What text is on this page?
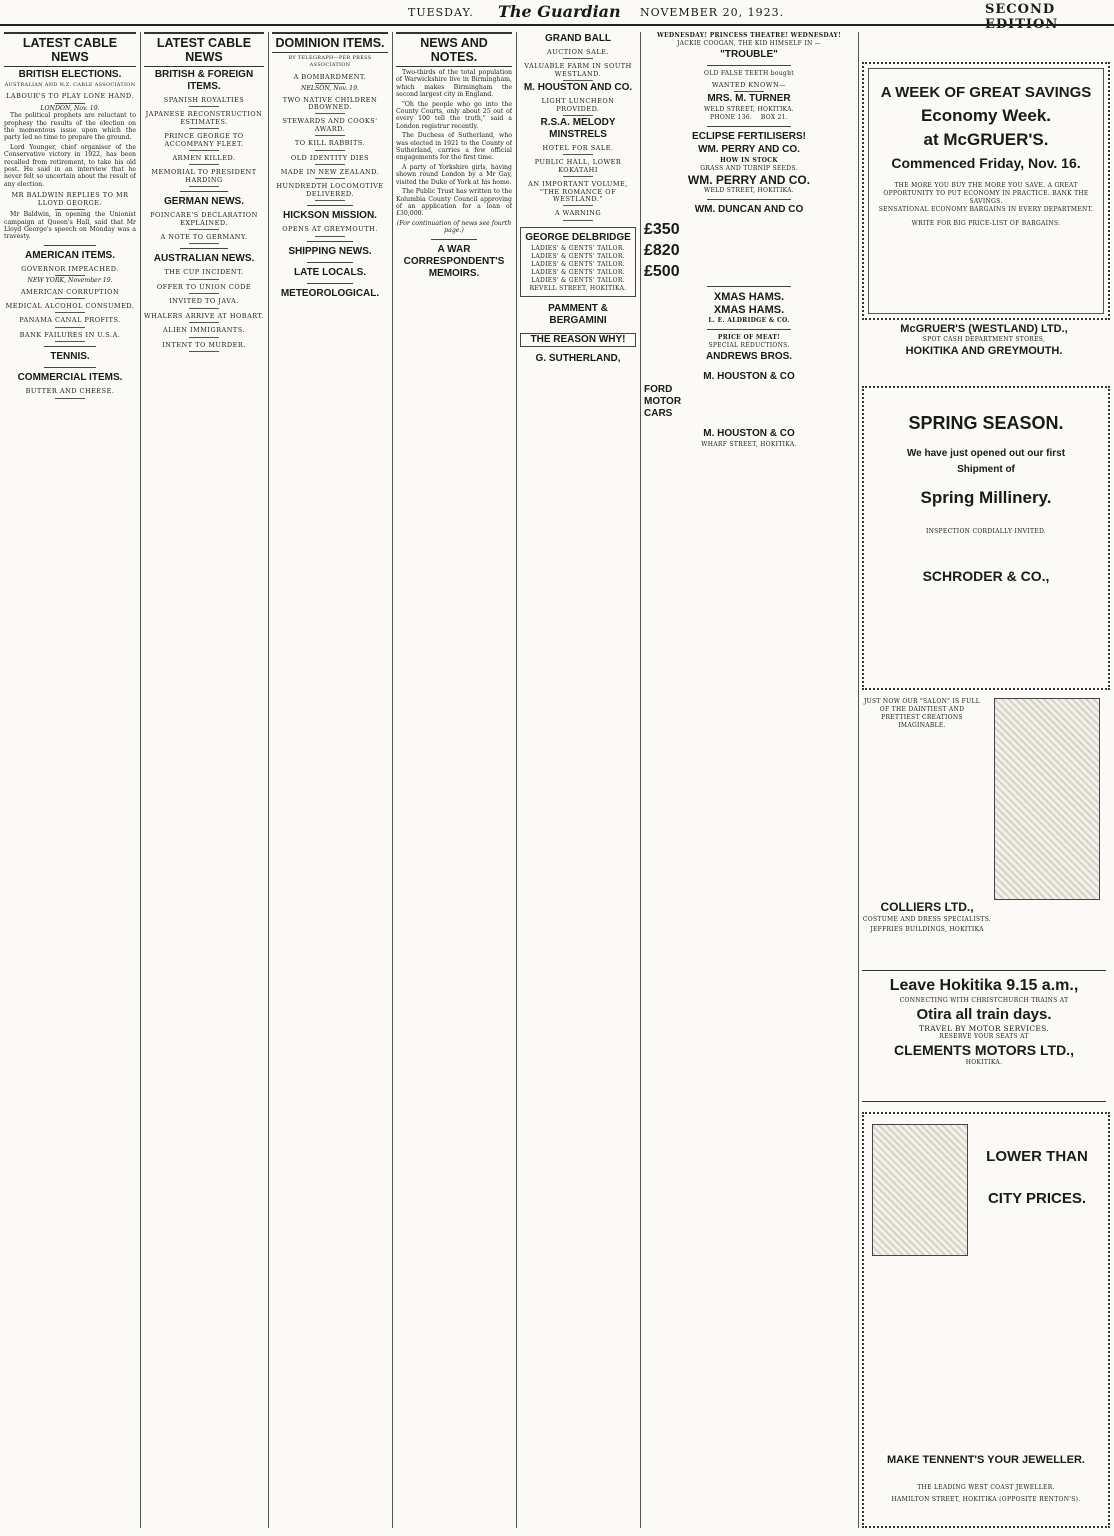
TUESDAY. The Guardian NOVEMBER 20, 1923.	SECOND EDITION
LATEST CABLE NEWS
BRITISH ELECTIONS.
AUSTRALIAN AND N.Z. CABLE ASSOCIATION
LABOUR'S TO PLAY LONE HAND.
LONDON, Nov. 19.

The political prophets are reluctant to prophesy the results of the election on the momentous issue upon which the party led no time to prepare the ground.

Lord Younger, chief organiser of the Conservative victory in 1922, has been recalled from retirement, to take his old post. He said in an interview that he never felt so uncertain about the result of any election.

MR BALDWIN REPLIES TO MR LLOYD GEORGE.

Mr Baldwin, in opening the Unionist campaign at Queen's Hall, said that Mr Lloyd George's speech on Monday was a travesty.

AMERICAN ITEMS.
GOVERNOR IMPEACHED.
NEW YORK, November 19.
AMERICAN CORRUPTION
MEDICAL ALCOHOL CONSUMED.
PANAMA CANAL PROFITS.
BANK FAILURES IN U.S.A.
TENNIS.
COMMERCIAL ITEMS.
BUTTER AND CHEESE.
LATEST CABLE NEWS
BRITISH & FOREIGN ITEMS.
SPANISH ROYALTIES
JAPANESE RECONSTRUCTION ESTIMATES.
PRINCE GEORGE TO ACCOMPANY FLEET.
ARMEN KILLED.
MEMORIAL TO PRESIDENT HARDING
GERMAN NEWS.
POINCARE'S DECLARATION EXPLAINED.
A NOTE TO GERMANY.
AUSTRALIAN NEWS.
THE CUP INCIDENT.
OFFER TO UNION CODE
INVITED TO JAVA.
WHALERS ARRIVE AT HOBART.
ALIEN IMMIGRANTS.
INTENT TO MURDER.
DOMINION ITEMS.
BY TELEGRAPH—PER PRESS ASSOCIATION
A BOMBARDMENT.
NELSON, Nov. 19.
TWO NATIVE CHILDREN DROWNED.
STEWARDS AND COOKS' AWARD.
TO KILL RABBITS.
OLD IDENTITY DIES
MADE IN NEW ZEALAND.
HUNDREDTH LOCOMOTIVE DELIVERED.
HICKSON MISSION.
OPENS AT GREYMOUTH.
SHIPPING NEWS.
LATE LOCALS.
METEOROLOGICAL.
NEWS AND NOTES.

Two-thirds of the total population of Warwickshire live in Birmingham, which makes Birmingham the second largest city in England.

"Oh the people who go into the County Courts, only about 25 out of every 100 tell the truth," said a London registrar recently.

The Duchess of Sutherland, who was elected in 1921 to the County of Sutherland, carries a few official engagements for the first time.

A party of Yorkshire girls, having shown round London by a Mr Gay, visited the Duke of York at his home.

The Public Trust has written to the Kolumbia County Council approving of an application for a loan of £30,000.

(For continuation of news see fourth page.)
A WAR CORRESPONDENT'S MEMOIRS.
GRAND BALL
AUCTION SALE.
VALUABLE FARM IN SOUTH WESTLAND.
M. HOUSTON AND CO.
LIGHT LUNCHEON PROVIDED.
R.S.A. MELODY MINSTRELS
HOTEL FOR SALE.
PUBLIC HALL, LOWER KOKATAHI
AN IMPORTANT VOLUME, "THE ROMANCE OF WESTLAND."
A WARNING
GEORGE DELBRIDGE
LADIES' & GENTS' TAILOR.
LADIES' & GENTS' TAILOR.
LADIES' & GENTS' TAILOR.
LADIES' & GENTS' TAILOR.
LADIES' & GENTS' TAILOR.
REVELL STREET, HOKITIKA.
PAMMENT & BERGAMINI
THE REASON WHY!
G. SUTHERLAND,
WEDNESDAY! PRINCESS THEATRE! WEDNESDAY!
JACKIE COOGAN, THE KID HIMSELF IN —
"TROUBLE"
OLD FALSE TEETH bought
WANTED KNOWN—
MRS. M. TURNER
WELD STREET, HOKITIKA.
PHONE 136. BOX 21.
ECLIPSE FERTILISERS!
WM. PERRY AND CO.
HOW IN STOCK
GRASS AND TURNIP SEEDS.
WM. PERRY AND CO.
WELD STREET, HOKITIKA.
WM. DUNCAN AND CO
£350
£820
£500
XMAS HAMS.
XMAS HAMS.
L. E. ALDRIDGE & CO.
PRICE OF MEAT!
SPECIAL REDUCTIONS.
ANDREWS BROS.
M. HOUSTON & CO
FORD MOTOR CARS
M. HOUSTON & CO
WHARF STREET, HOKITIKA.
A WEEK OF GREAT SAVINGS
Economy Week.
at McGRUER'S.
Commenced Friday, Nov. 16.
THE MORE YOU BUY THE MORE YOU SAVE. A GREAT
OPPORTUNITY TO PUT ECONOMY IN PRACTICE. BANK THE SAVINGS.
SENSATIONAL ECONOMY BARGAINS IN EVERY DEPARTMENT.
WRITE FOR BIG PRICE-LIST OF BARGAINS.
McGRUER'S (WESTLAND) LTD.,
SPOT CASH DEPARTMENT STORES,
HOKITIKA AND GREYMOUTH.
SPRING SEASON.
We have just opened out our first
Shipment of
Spring Millinery.
INSPECTION CORDIALLY INVITED.
SCHRODER & CO.,
JUST NOW OUR "SALON" IS FULL OF THE DAINTIEST AND PRETTIEST CREATIONS IMAGINABLE.
COLLIERS LTD.,
COSTUME AND DRESS SPECIALISTS.
JEFFRIES BUILDINGS, HOKITIKA
Leave Hokitika 9.15 a.m.,
CONNECTING WITH CHRISTCHURCH TRAINS AT
Otira all train days.
TRAVEL BY MOTOR SERVICES.
RESERVE YOUR SEATS AT
CLEMENTS MOTORS LTD.,
HOKITIKA.
LOWER THAN
CITY PRICES.
MAKE TENNENT'S YOUR JEWELLER.
THE LEADING WEST COAST JEWELLER.
HAMILTON STREET, HOKITIKA (OPPOSITE RENTON'S).
